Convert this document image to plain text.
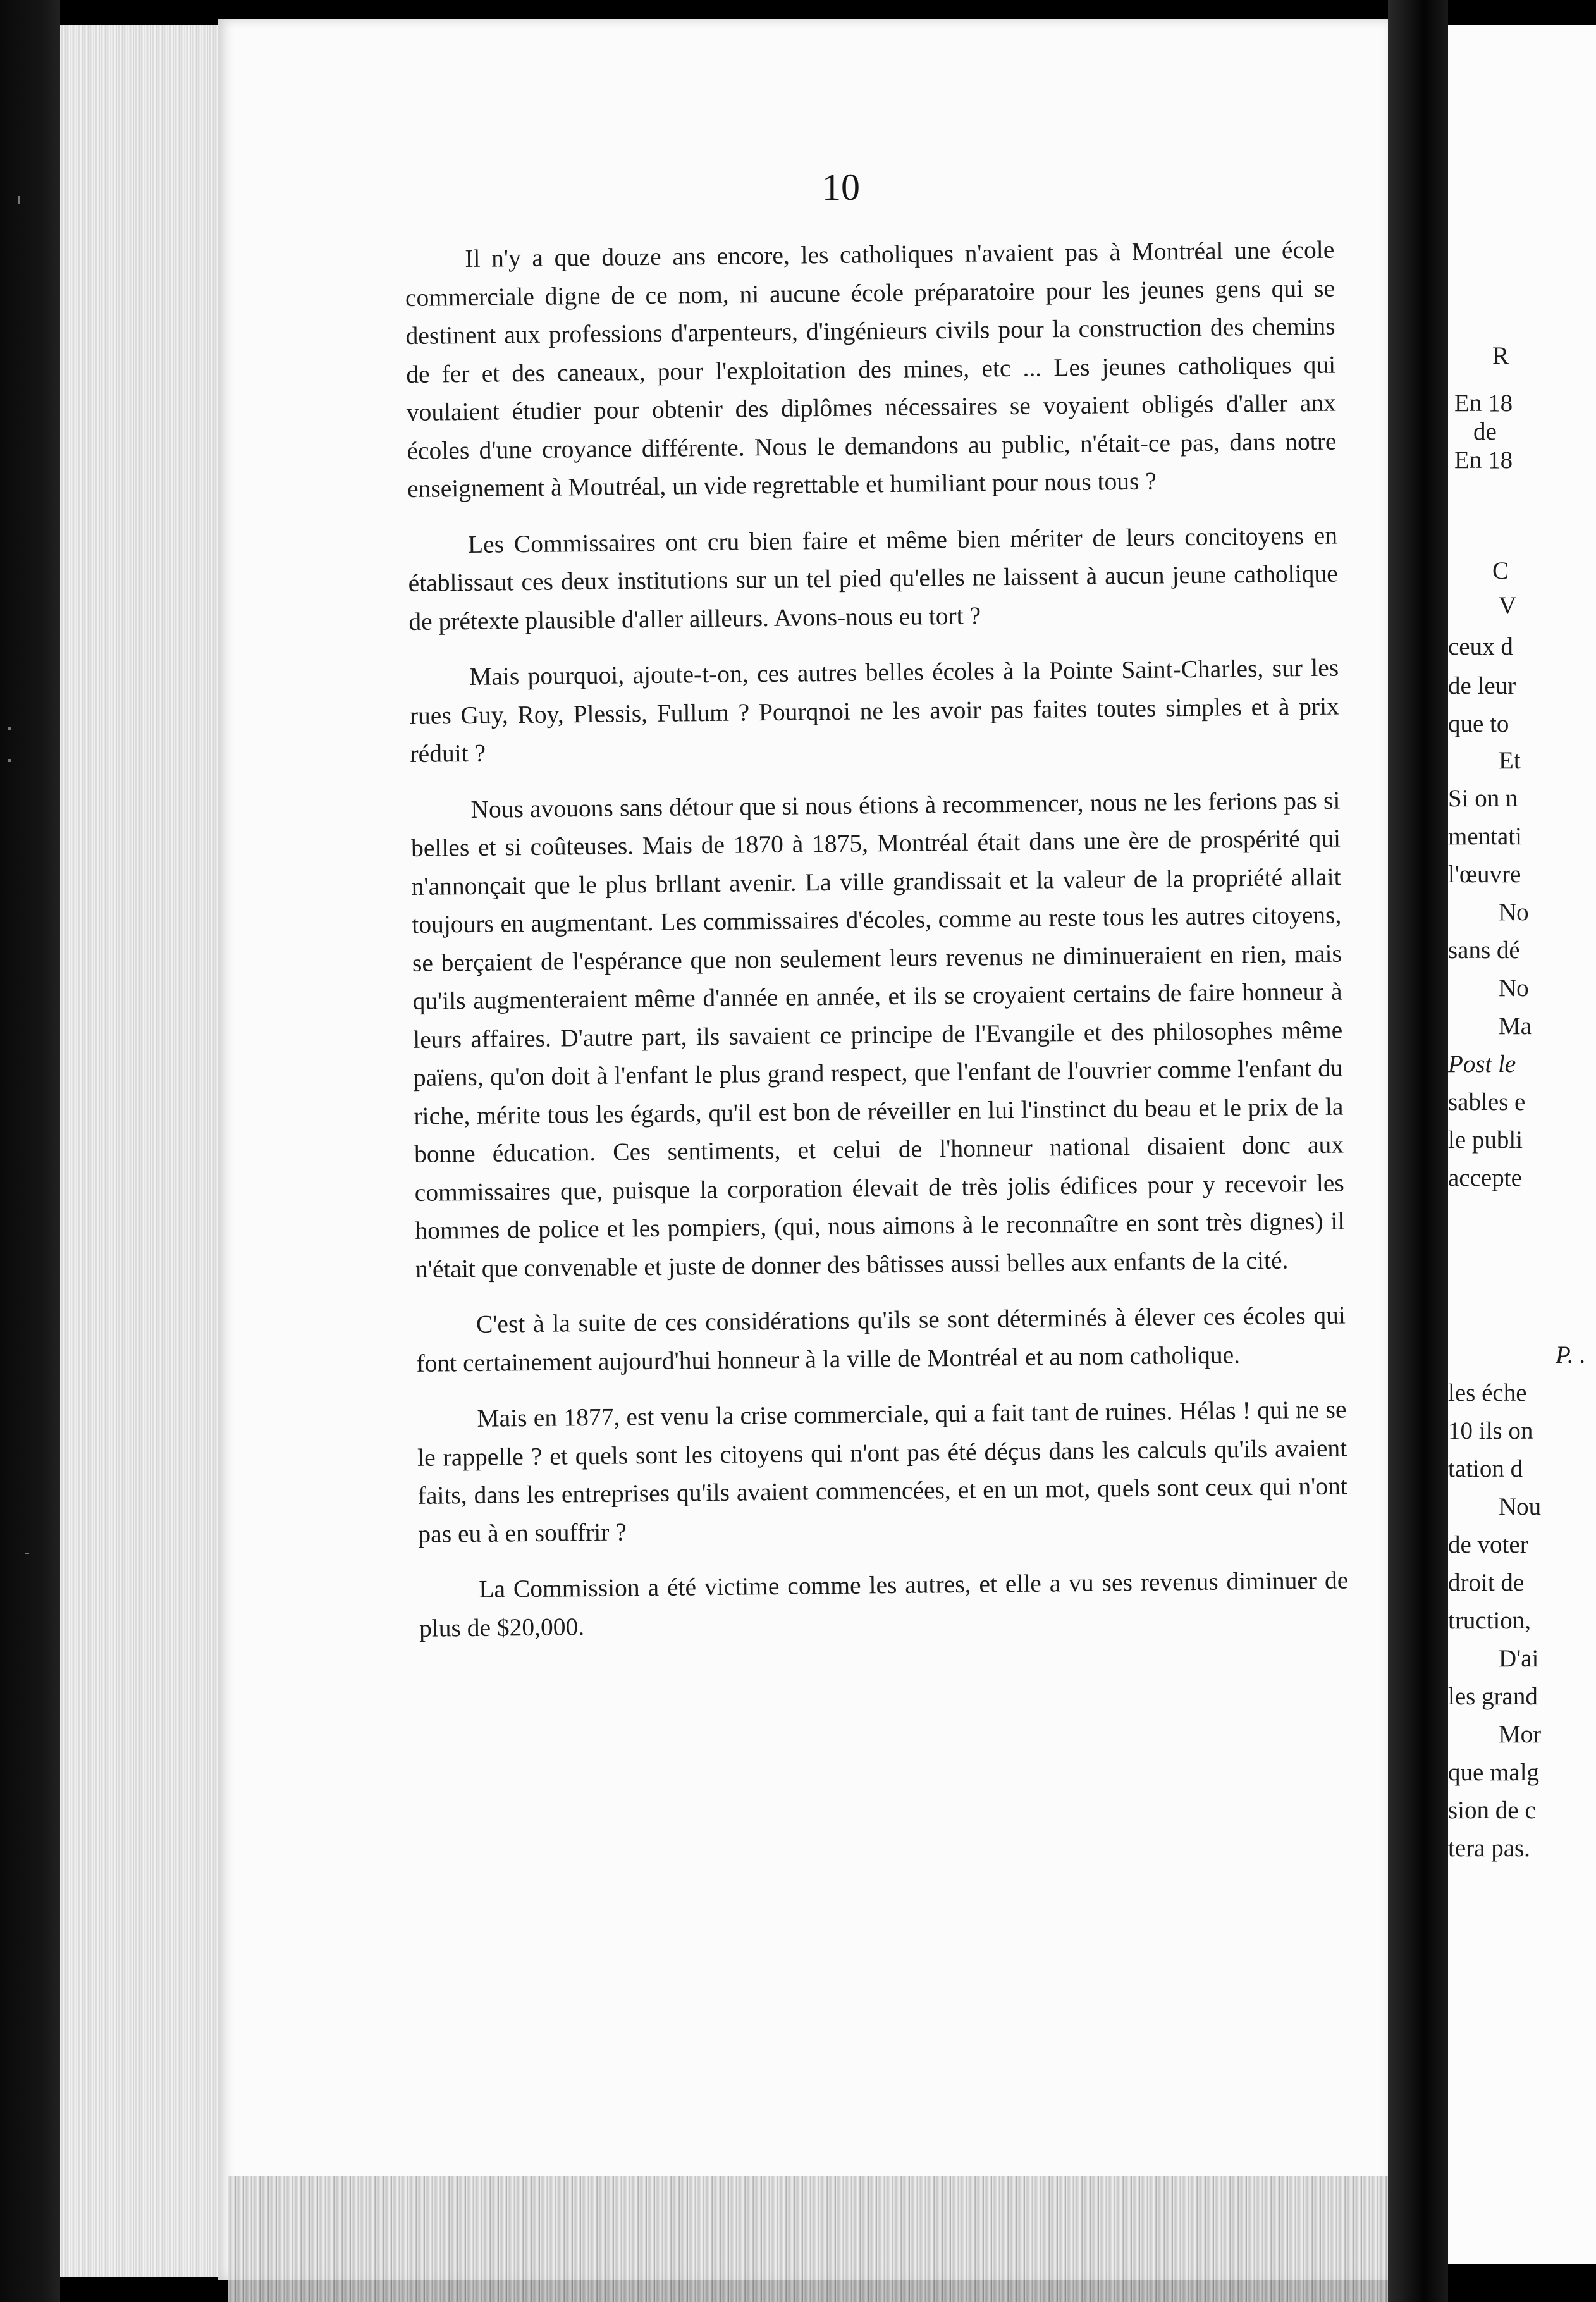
10

Il n'y a que douze ans encore, les catholiques n'avaient pas à Montréal une école commerciale digne de ce nom, ni aucune école préparatoire pour les jeunes gens qui se destinent aux professions d'arpenteurs, d'ingénieurs civils pour la construction des chemins de fer et des caneaux, pour l'exploitation des mines, etc ... Les jeunes catholiques qui voulaient étudier pour obtenir des diplômes nécessaires se voyaient obligés d'aller anx écoles d'une croyance différente. Nous le demandons au public, n'était-ce pas, dans notre enseignement à Moutréal, un vide regrettable et humiliant pour nous tous ?

Les Commissaires ont cru bien faire et même bien mériter de leurs concitoyens en établissaut ces deux institutions sur un tel pied qu'elles ne laissent à aucun jeune catholique de prétexte plausible d'aller ailleurs. Avons-nous eu tort ?

Mais pourquoi, ajoute-t-on, ces autres belles écoles à la Pointe Saint-Charles, sur les rues Guy, Roy, Plessis, Fullum ? Pourqnoi ne les avoir pas faites toutes simples et à prix réduit ?

Nous avouons sans détour que si nous étions à recommencer, nous ne les ferions pas si belles et si coûteuses. Mais de 1870 à 1875, Montréal était dans une ère de prospérité qui n'annonçait que le plus brllant avenir. La ville grandissait et la valeur de la propriété allait toujours en augmentant. Les commissaires d'écoles, comme au reste tous les autres citoyens, se berçaient de l'espérance que non seulement leurs revenus ne diminueraient en rien, mais qu'ils augmenteraient même d'année en année, et ils se croyaient certains de faire honneur à leurs affaires. D'autre part, ils savaient ce principe de l'Evangile et des philosophes même païens, qu'on doit à l'enfant le plus grand respect, que l'enfant de l'ouvrier comme l'enfant du riche, mérite tous les égards, qu'il est bon de réveiller en lui l'instinct du beau et le prix de la bonne éducation. Ces sentiments, et celui de l'honneur national disaient donc aux commissaires que, puisque la corporation élevait de très jolis édifices pour y recevoir les hommes de police et les pompiers, (qui, nous aimons à le reconnaître en sont très dignes) il n'était que convenable et juste de donner des bâtisses aussi belles aux enfants de la cité.

C'est à la suite de ces considérations qu'ils se sont déterminés à élever ces écoles qui font certainement aujourd'hui honneur à la ville de Montréal et au nom catholique.

Mais en 1877, est venu la crise commerciale, qui a fait tant de ruines. Hélas ! qui ne se le rappelle ? et quels sont les citoyens qui n'ont pas été déçus dans les calculs qu'ils avaient faits, dans les entreprises qu'ils avaient commencées, et en un mot, quels sont ceux qui n'ont pas eu à en souffrir ?

La Commission a été victime comme les autres, et elle a vu ses revenus diminuer de plus de $20,000.

R
En 18
de
En 18
C
V
ceux d
de leur
que to
Et
Si on n
mentati
l'œuvre
No
sans dé
No
Ma
Post le
sables e
le publi
accepte
P. .
les éche
10 ils on
tation d
Nou
de voter
droit de
truction,
D'ai
les grand
Mor
que malg
sion de c
tera pas.
